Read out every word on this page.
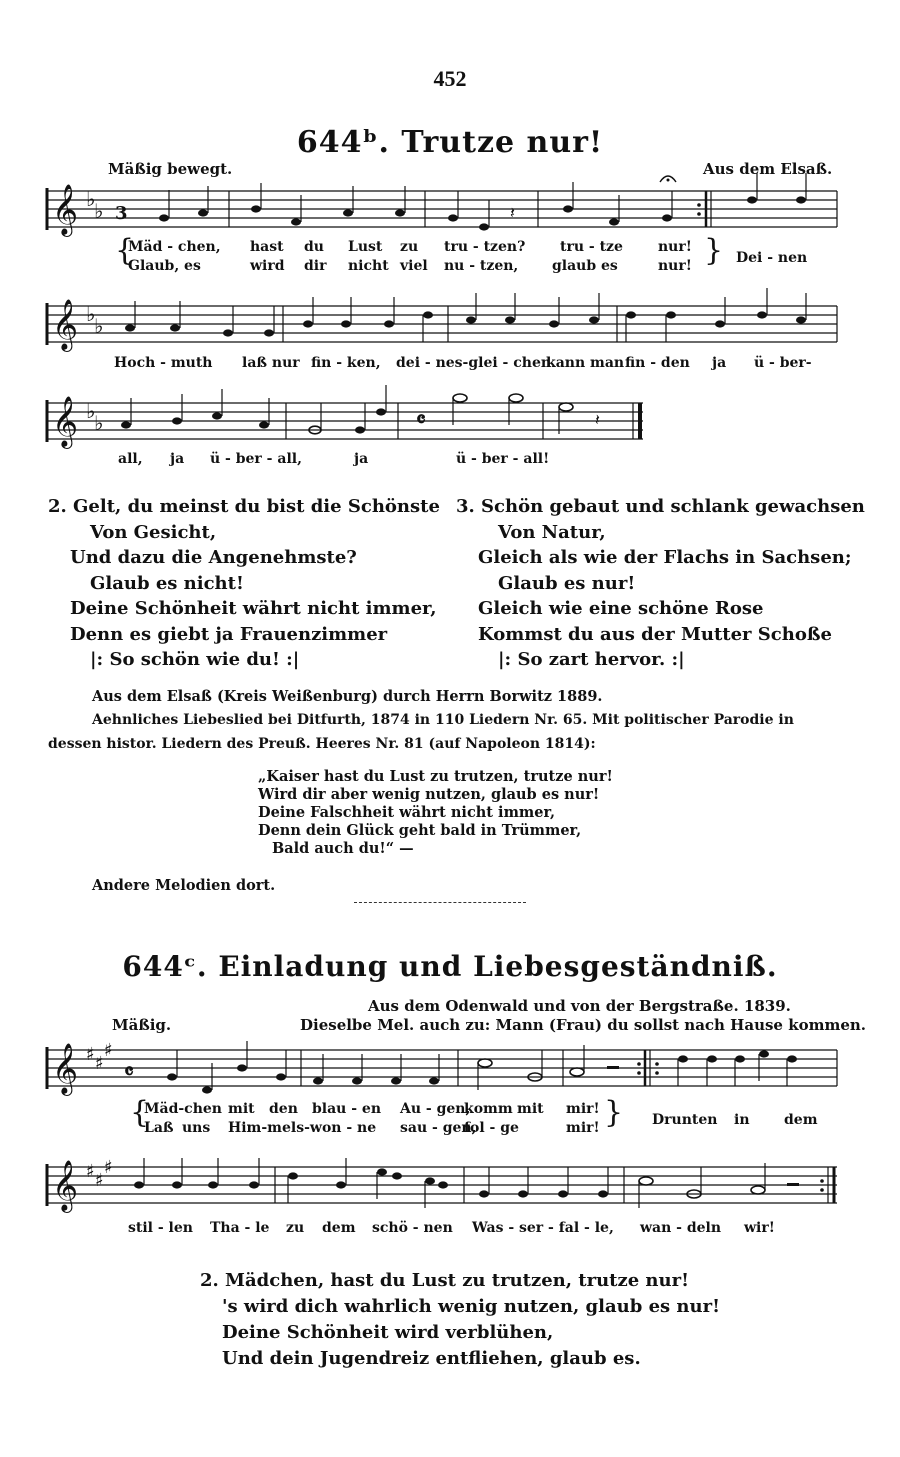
452
644ᵇ. Trutze nur!
Mäßig bewegt.	Aus dem Elsaß.
𝄞 ♭
♭ 3
𝄞 ♭
♭
𝄞 ♭
♭	𝄴
𝄽
𝄽
{
Mäd - chen, hast du Lust zu tru - tzen? tru - tze	nur!
Glaub, es	wird dir nicht viel nu - tzen, glaub es	nur! } Dei - nen
Hoch - muth laß nur fin - ken, dei - nes-glei - chen
kann man fin - den ja ü - ber-
all, ja ü - ber - all,	ja	ü - ber - all!
2. Gelt, du meinst du bist die Schönste
Von Gesicht,
Und dazu die Angenehmste?
Glaub es nicht!
Deine Schönheit währt nicht immer,
Denn es giebt ja Frauenzimmer
|: So schön wie du! :|
3. Schön gebaut und schlank gewachsen
Von Natur,
Gleich als wie der Flachs in Sachsen;
Glaub es nur!
Gleich wie eine schöne Rose
Kommst du aus der Mutter Schoße
|: So zart hervor. :|
Aus dem Elsaß (Kreis Weißenburg) durch Herrn Borwitz 1889.
Aehnliches Liebeslied bei Ditfurth, 1874 in 110 Liedern Nr. 65. Mit politischer Parodie in
dessen histor. Liedern des Preuß. Heeres Nr. 81 (auf Napoleon 1814):
„Kaiser hast du Lust zu trutzen, trutze nur!
Wird dir aber wenig nutzen, glaub es nur!
Deine Falschheit währt nicht immer,
Denn dein Glück geht bald in Trümmer,
Bald auch du!“ —
Andere Melodien dort.
644ᶜ. Einladung und Liebesgeständniß.
Aus dem Odenwald und von der Bergstraße. 1839.
Mäßig.	Dieselbe Mel. auch zu: Mann (Frau) du sollst nach Hause kommen.
𝄞 ♯ ♯
♯
𝄴
𝄞 ♯ ♯
♯
{
Mäd-chen mit den blau - en Au - gen,
komm mit mir!
Laß uns Him-mels-won - ne sau - gen,
fol - ge	mir! } Drunten in dem
stil - len Tha - le zu dem schö - nen Was - ser - fal - le, wan - deln wir!
2. Mädchen, hast du Lust zu trutzen, trutze nur!
's wird dich wahrlich wenig nutzen, glaub es nur!
Deine Schönheit wird verblühen,
Und dein Jugendreiz entfliehen, glaub es.
